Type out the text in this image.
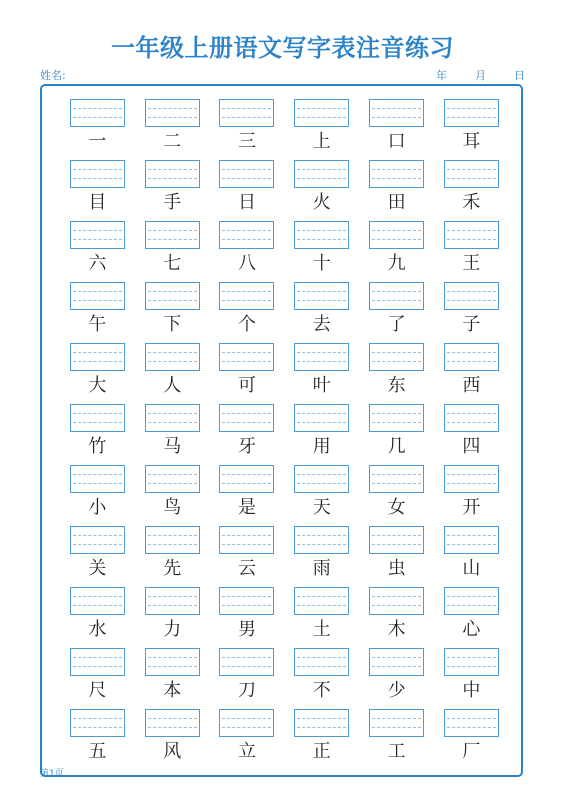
一年级上册语文写字表注音练习
姓名:	年	月	日
一	二	三	上	口	耳
目	手	日	火	田	禾
六	七	八	十	九	王
午	下	个	去	了	子
大	人	可	叶	东	西
竹	马	牙	用	几	四
小	鸟	是	天	女	开
关	先	云	雨	虫	山
水	力	男	土	木	心
尺	本	刀	不	少	中
五	风	立	正	工	厂
第1页
